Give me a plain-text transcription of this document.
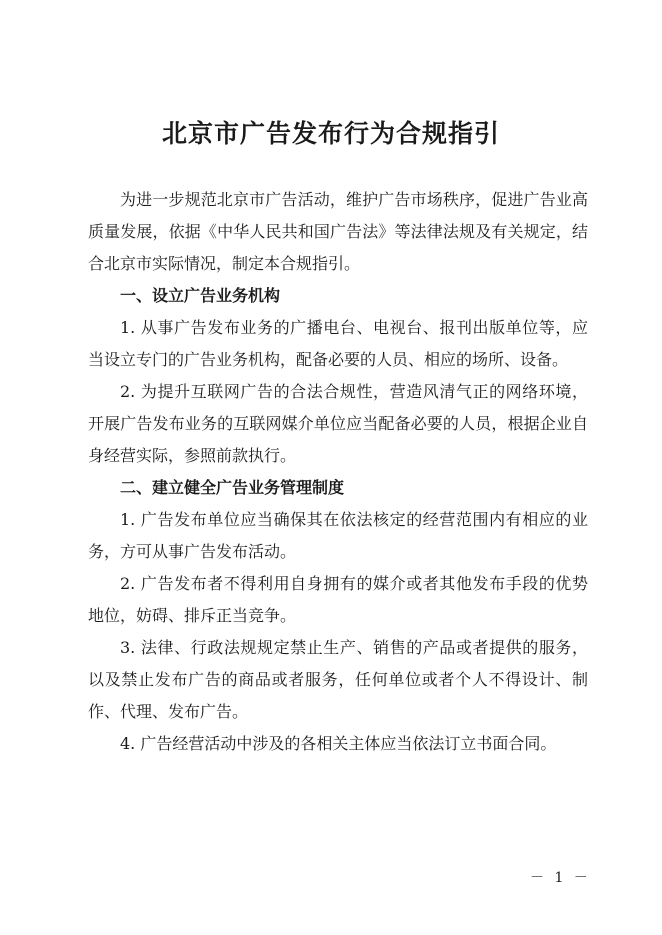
北京市广告发布行为合规指引

为进一步规范北京市广告活动，维护广告市场秩序，促进广告业高质量发展，依据《中华人民共和国广告法》等法律法规及有关规定，结合北京市实际情况，制定本合规指引。

一、设立广告业务机构

1. 从事广告发布业务的广播电台、电视台、报刊出版单位等，应当设立专门的广告业务机构，配备必要的人员、相应的场所、设备。

2. 为提升互联网广告的合法合规性，营造风清气正的网络环境，开展广告发布业务的互联网媒介单位应当配备必要的人员，根据企业自身经营实际，参照前款执行。

二、建立健全广告业务管理制度

1. 广告发布单位应当确保其在依法核定的经营范围内有相应的业务，方可从事广告发布活动。

2. 广告发布者不得利用自身拥有的媒介或者其他发布手段的优势地位，妨碍、排斥正当竞争。

3. 法律、行政法规规定禁止生产、销售的产品或者提供的服务，以及禁止发布广告的商品或者服务，任何单位或者个人不得设计、制作、代理、发布广告。

4. 广告经营活动中涉及的各相关主体应当依法订立书面合同。

－ 1 －
